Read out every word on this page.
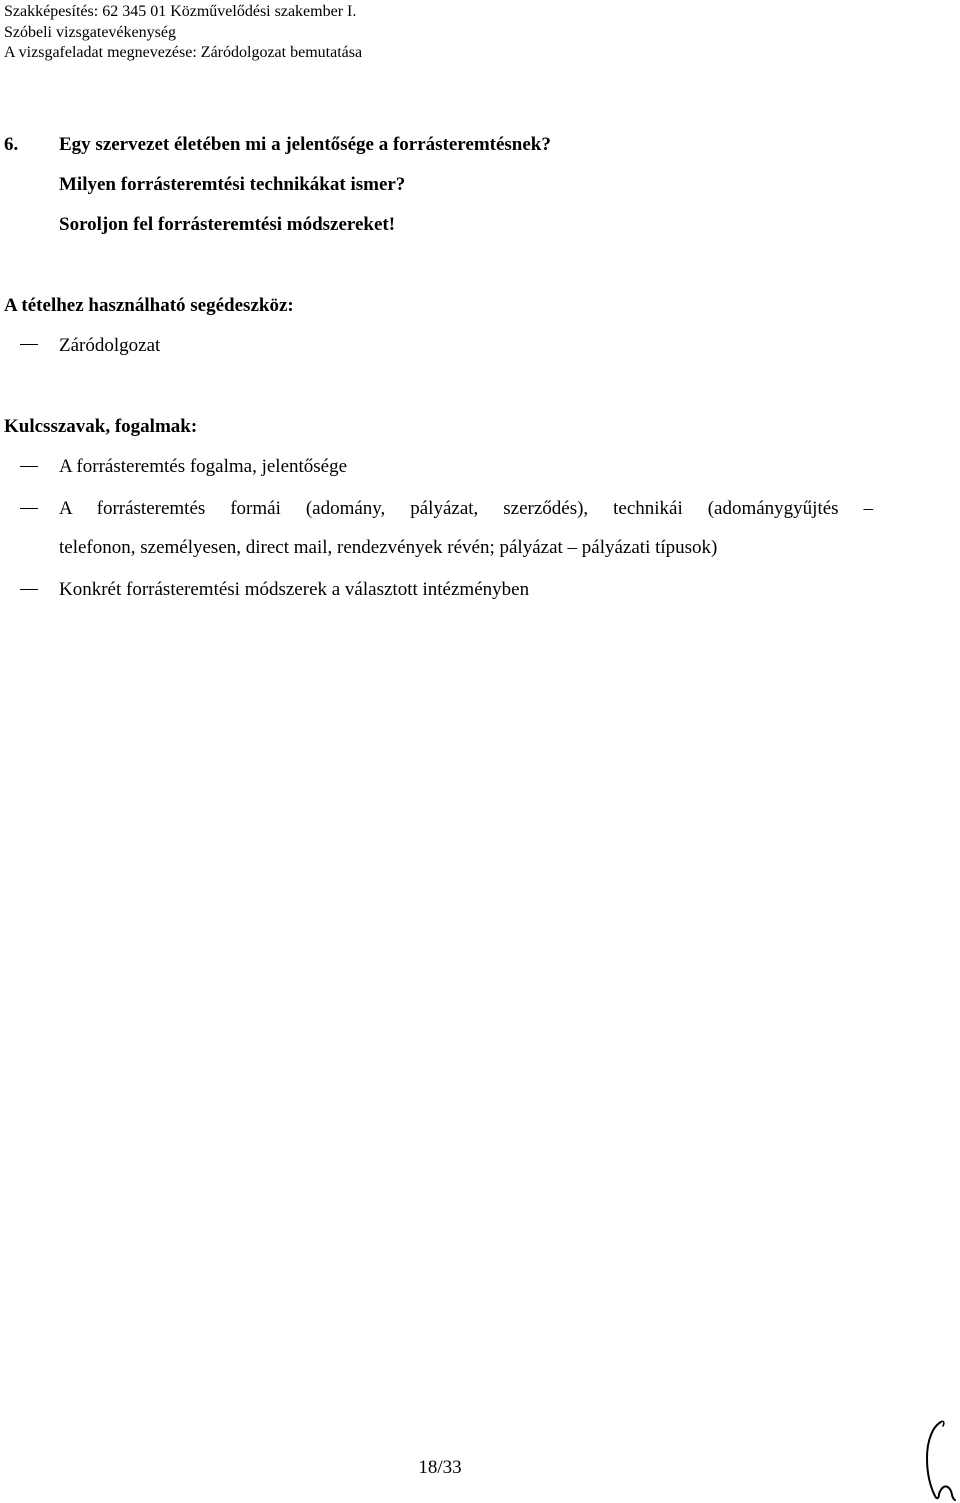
Szakképesítés: 62 345 01 Közművelődési szakember I.
Szóbeli vizsgatevékenység
A vizsgafeladat megnevezése: Záródolgozat bemutatása
6. Egy szervezet életében mi a jelentősége a forrásteremtésnek?
Milyen forrásteremtési technikákat ismer?
Soroljon fel forrásteremtési módszereket!
A tételhez használható segédeszköz:
Záródolgozat
Kulcsszavak, fogalmak:
A forrásteremtés fogalma, jelentősége
A forrásteremtés formái (adomány, pályázat, szerződés), technikái (adománygyűjtés –
telefonon, személyesen, direct mail, rendezvények révén; pályázat – pályázati típusok)
Konkrét forrásteremtési módszerek a választott intézményben
18/33
